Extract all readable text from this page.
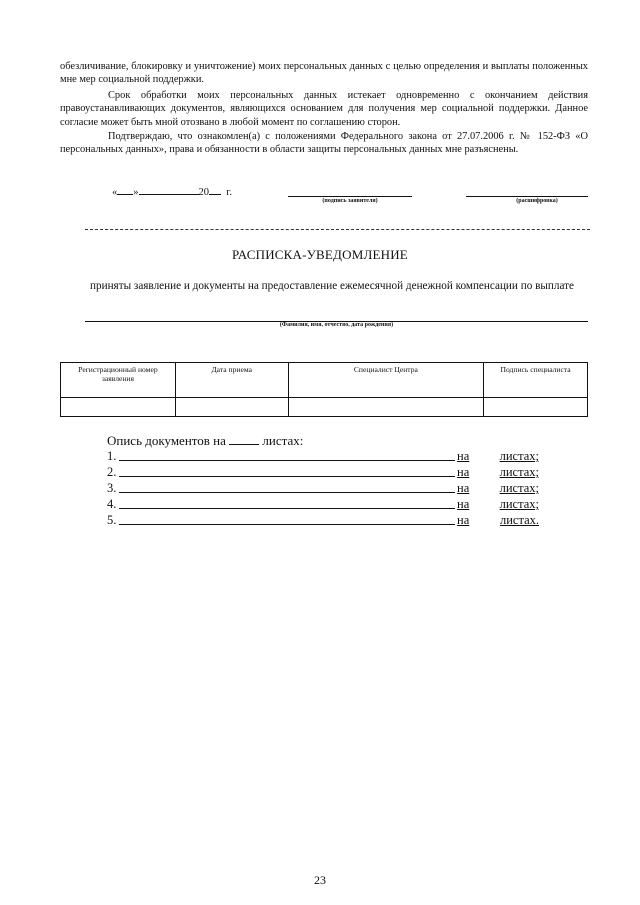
обезличивание, блокировку и уничтожение) моих персональных данных с целью определения и выплаты положенных мне мер социальной поддержки.

Срок обработки моих персональных данных истекает одновременно с окончанием действия правоустанавливающих документов, являющихся основанием для получения мер социальной поддержки. Данное согласие может быть мной отозвано в любой момент по соглашению сторон.

Подтверждаю, что ознакомлен(а) с положениями Федерального закона от 27.07.2006 г. № 152-ФЗ «О персональных данных», права и обязанности в области защиты персональных данных мне разъяснены.

« »	20 г.
(подпись заявителя)	(расшифровка)
РАСПИСКА-УВЕДОМЛЕНИЕ

приняты заявление и документы на предоставление ежемесячной денежной компенсации по выплате

(Фамилия, имя, отчество, дата рождения)
Регистрационный номер заявления	Дата приема	Специалист Центра	Подпись специалиста

Опись документов на	листах:
1.	на листах;
2.	на листах;
3.	на листах;
4.	на листах;
5.	на листах.
23
